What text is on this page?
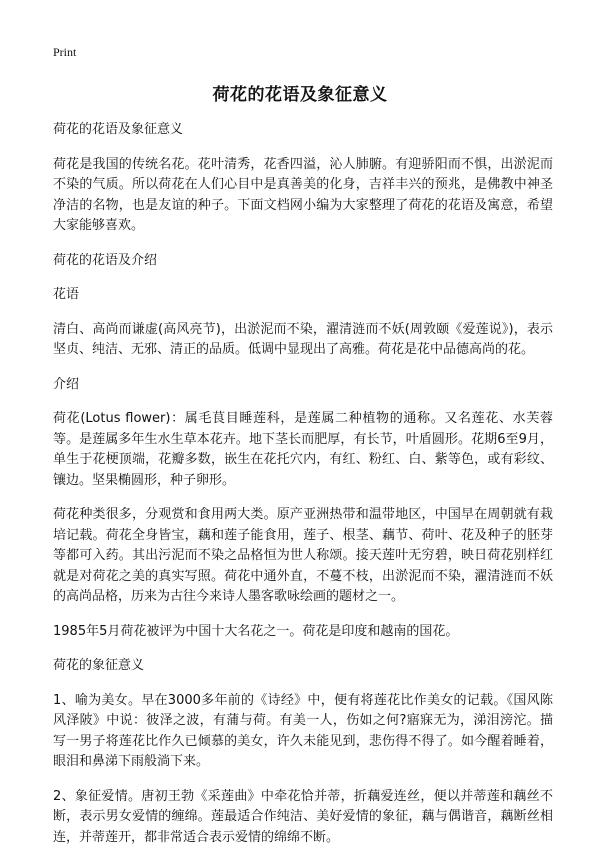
Print
荷花的花语及象征意义

荷花的花语及象征意义

荷花是我国的传统名花。花叶清秀，花香四溢，沁人肺腑。有迎骄阳而不惧，出淤泥而不染的气质。所以荷花在人们心目中是真善美的化身，吉祥丰兴的预兆，是佛教中神圣净洁的名物，也是友谊的种子。下面文档网小编为大家整理了荷花的花语及寓意，希望大家能够喜欢。

荷花的花语及介绍

花语

清白、高尚而谦虚(高风亮节)，出淤泥而不染，濯清涟而不妖(周敦颐《爱莲说》)，表示坚贞、纯洁、无邪、清正的品质。低调中显现出了高雅。荷花是花中品德高尚的花。

介绍

荷花(Lotus flower)：属毛茛目睡莲科，是莲属二种植物的通称。又名莲花、水芙蓉等。是莲属多年生水生草本花卉。地下茎长而肥厚，有长节，叶盾圆形。花期6至9月，单生于花梗顶端，花瓣多数，嵌生在花托穴内，有红、粉红、白、紫等色，或有彩纹、镶边。坚果椭圆形，种子卵形。

荷花种类很多，分观赏和食用两大类。原产亚洲热带和温带地区，中国早在周朝就有栽培记载。荷花全身皆宝，藕和莲子能食用，莲子、根茎、藕节、荷叶、花及种子的胚芽等都可入药。其出污泥而不染之品格恒为世人称颂。接天莲叶无穷碧，映日荷花别样红就是对荷花之美的真实写照。荷花中通外直，不蔓不枝，出淤泥而不染，濯清涟而不妖的高尚品格，历来为古往今来诗人墨客歌咏绘画的题材之一。

1985年5月荷花被评为中国十大名花之一。荷花是印度和越南的国花。

荷花的象征意义

1、喻为美女。早在3000多年前的《诗经》中，便有将莲花比作美女的记载。《国风陈风泽陂》中说：彼泽之波，有蒲与荷。有美一人，伤如之何?寤寐无为，涕泪滂沱。描写一男子将莲花比作久已倾慕的美女，许久未能见到，悲伤得不得了。如今醒着睡着，眼泪和鼻涕下雨般淌下来。

2、象征爱情。唐初王勃《采莲曲》中牵花恰并蒂，折藕爱连丝，便以并蒂莲和藕丝不断，表示男女爱情的缠绵。莲最适合作纯洁、美好爱情的象征，藕与偶谐音，藕断丝相连，并蒂莲开，都非常适合表示爱情的绵绵不断。
